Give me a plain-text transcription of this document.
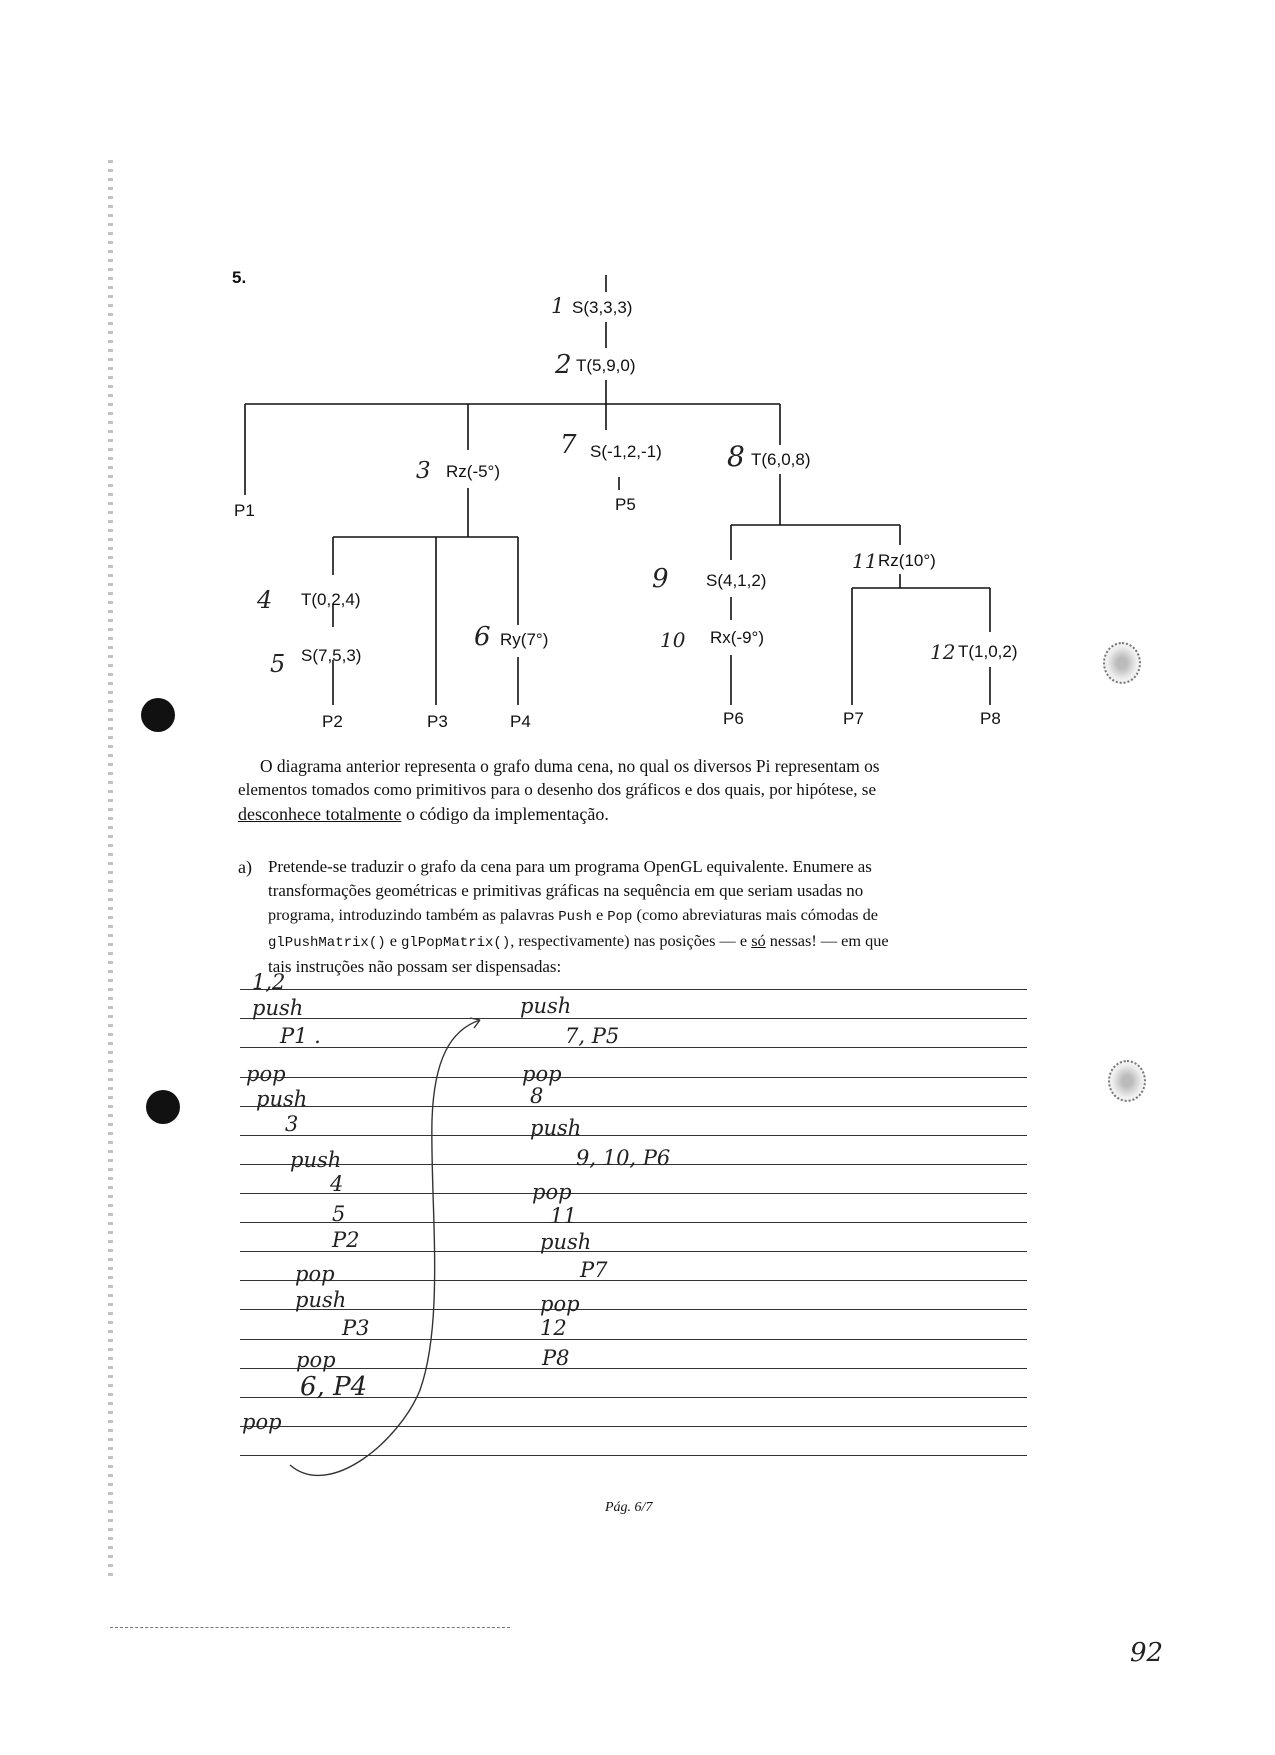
5.
1 S(3,3,3)
2 T(5,9,0)
P1
3 Rz(-5°)
7 S(-1,2,-1)
P5
8 T(6,0,8)
4 T(0,2,4)
5 S(7,5,3)
P2	P3
6 Ry(7°)
P4
9 S(4,1,2)
10 Rx(-9°)
P6
11 Rz(10°)
12 T(1,0,2)
P7	P8
O diagrama anterior representa o grafo duma cena, no qual os diversos Pi representam os
elementos tomados como primitivos para o desenho dos gráficos e dos quais, por hipótese, se
desconhece totalmente o código da implementação.
a) Pretende-se traduzir o grafo da cena para um programa OpenGL equivalente. Enumere as
transformações geométricas e primitivas gráficas na sequência em que seriam usadas no
programa, introduzindo também as palavras Push e Pop (como abreviaturas mais cómodas de
glPushMatrix() e glPopMatrix(), respectivamente) nas posições — e só nessas! — em que
tais instruções não possam ser dispensadas:
1,2
push
P1 .
pop
push
3
push
4
5
P2
pop
push
P3
pop
6, P4
pop
push
7, P5
pop
8
push
9, 10, P6
pop
11
push
P7
pop
12
P8
Pág. 6/7
92
